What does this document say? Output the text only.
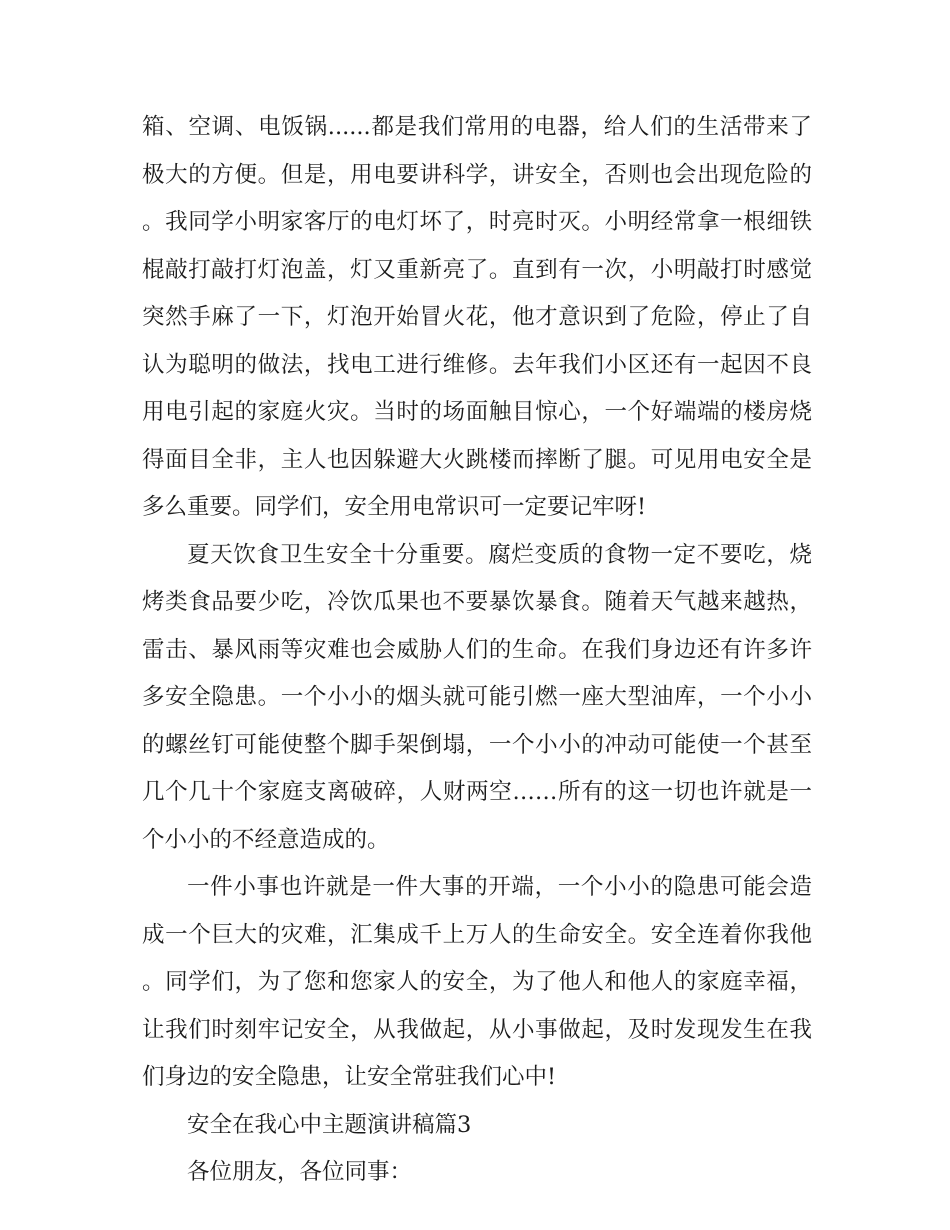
箱、空调、电饭锅......都是我们常用的电器，给人们的生活带来了极大的方便。但是，用电要讲科学，讲安全，否则也会出现危险的。我同学小明家客厅的电灯坏了，时亮时灭。小明经常拿一根细铁棍敲打敲打灯泡盖，灯又重新亮了。直到有一次，小明敲打时感觉突然手麻了一下，灯泡开始冒火花，他才意识到了危险，停止了自认为聪明的做法，找电工进行维修。去年我们小区还有一起因不良用电引起的家庭火灾。当时的场面触目惊心，一个好端端的楼房烧得面目全非，主人也因躲避大火跳楼而摔断了腿。可见用电安全是多么重要。同学们，安全用电常识可一定要记牢呀!

夏天饮食卫生安全十分重要。腐烂变质的食物一定不要吃，烧烤类食品要少吃，冷饮瓜果也不要暴饮暴食。随着天气越来越热，雷击、暴风雨等灾难也会威胁人们的生命。在我们身边还有许多许多安全隐患。一个小小的烟头就可能引燃一座大型油库，一个小小的螺丝钉可能使整个脚手架倒塌，一个小小的冲动可能使一个甚至几个几十个家庭支离破碎，人财两空……所有的这一切也许就是一个小小的不经意造成的。

一件小事也许就是一件大事的开端，一个小小的隐患可能会造成一个巨大的灾难，汇集成千上万人的生命安全。安全连着你我他。同学们，为了您和您家人的安全，为了他人和他人的家庭幸福，让我们时刻牢记安全，从我做起，从小事做起，及时发现发生在我们身边的安全隐患，让安全常驻我们心中!

安全在我心中主题演讲稿篇3

各位朋友，各位同事：
